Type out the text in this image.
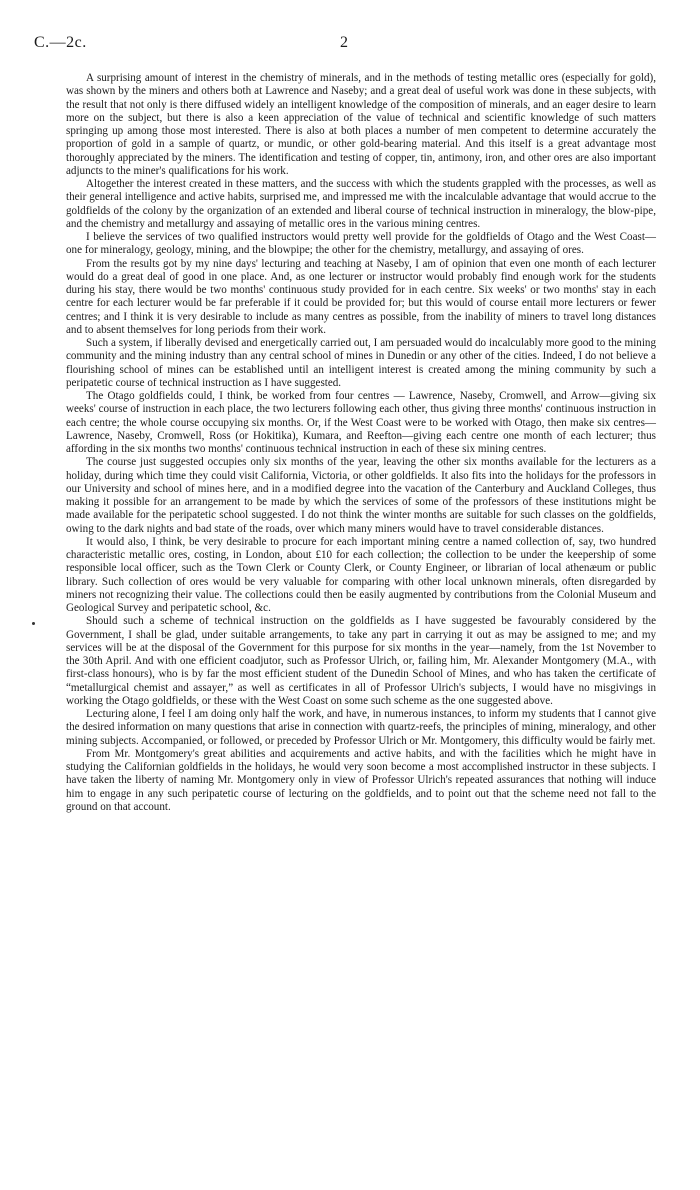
C.—2c.	2

A surprising amount of interest in the chemistry of minerals, and in the methods of testing metallic ores (especially for gold), was shown by the miners and others both at Lawrence and Naseby; and a great deal of useful work was done in these subjects, with the result that not only is there diffused widely an intelligent knowledge of the composition of minerals, and an eager desire to learn more on the subject, but there is also a keen appreciation of the value of technical and scientific knowledge of such matters springing up among those most interested. There is also at both places a number of men competent to determine accurately the proportion of gold in a sample of quartz, or mundic, or other gold-bearing material. And this itself is a great advantage most thoroughly appreciated by the miners. The identification and testing of copper, tin, antimony, iron, and other ores are also important adjuncts to the miner's qualifications for his work.

Altogether the interest created in these matters, and the success with which the students grappled with the processes, as well as their general intelligence and active habits, surprised me, and impressed me with the incalculable advantage that would accrue to the goldfields of the colony by the organization of an extended and liberal course of technical instruction in mineralogy, the blow-pipe, and the chemistry and metallurgy and assaying of metallic ores in the various mining centres.

I believe the services of two qualified instructors would pretty well provide for the goldfields of Otago and the West Coast—one for mineralogy, geology, mining, and the blowpipe; the other for the chemistry, metallurgy, and assaying of ores.

From the results got by my nine days' lecturing and teaching at Naseby, I am of opinion that even one month of each lecturer would do a great deal of good in one place. And, as one lecturer or instructor would probably find enough work for the students during his stay, there would be two months' continuous study provided for in each centre. Six weeks' or two months' stay in each centre for each lecturer would be far preferable if it could be provided for; but this would of course entail more lecturers or fewer centres; and I think it is very desirable to include as many centres as possible, from the inability of miners to travel long distances and to absent themselves for long periods from their work.

Such a system, if liberally devised and energetically carried out, I am persuaded would do incalculably more good to the mining community and the mining industry than any central school of mines in Dunedin or any other of the cities. Indeed, I do not believe a flourishing school of mines can be established until an intelligent interest is created among the mining community by such a peripatetic course of technical instruction as I have suggested.

The Otago goldfields could, I think, be worked from four centres — Lawrence, Naseby, Cromwell, and Arrow—giving six weeks' course of instruction in each place, the two lecturers following each other, thus giving three months' continuous instruction in each centre; the whole course occupying six months. Or, if the West Coast were to be worked with Otago, then make six centres—Lawrence, Naseby, Cromwell, Ross (or Hokitika), Kumara, and Reefton—giving each centre one month of each lecturer; thus affording in the six months two months' continuous technical instruction in each of these six mining centres.

The course just suggested occupies only six months of the year, leaving the other six months available for the lecturers as a holiday, during which time they could visit California, Victoria, or other goldfields. It also fits into the holidays for the professors in our University and school of mines here, and in a modified degree into the vacation of the Canterbury and Auckland Colleges, thus making it possible for an arrangement to be made by which the services of some of the professors of these institutions might be made available for the peripatetic school suggested. I do not think the winter months are suitable for such classes on the goldfields, owing to the dark nights and bad state of the roads, over which many miners would have to travel considerable distances.

It would also, I think, be very desirable to procure for each important mining centre a named collection of, say, two hundred characteristic metallic ores, costing, in London, about £10 for each collection; the collection to be under the keepership of some responsible local officer, such as the Town Clerk or County Clerk, or County Engineer, or librarian of local athenæum or public library. Such collection of ores would be very valuable for comparing with other local unknown minerals, often disregarded by miners not recognizing their value. The collections could then be easily augmented by contributions from the Colonial Museum and Geological Survey and peripatetic school, &c.

Should such a scheme of technical instruction on the goldfields as I have suggested be favourably considered by the Government, I shall be glad, under suitable arrangements, to take any part in carrying it out as may be assigned to me; and my services will be at the disposal of the Government for this purpose for six months in the year—namely, from the 1st November to the 30th April. And with one efficient coadjutor, such as Professor Ulrich, or, failing him, Mr. Alexander Montgomery (M.A., with first-class honours), who is by far the most efficient student of the Dunedin School of Mines, and who has taken the certificate of “metallurgical chemist and assayer,” as well as certificates in all of Professor Ulrich's subjects, I would have no misgivings in working the Otago goldfields, or these with the West Coast on some such scheme as the one suggested above.

Lecturing alone, I feel I am doing only half the work, and have, in numerous instances, to inform my students that I cannot give the desired information on many questions that arise in connection with quartz-reefs, the principles of mining, mineralogy, and other mining subjects. Accompanied, or followed, or preceded by Professor Ulrich or Mr. Montgomery, this difficulty would be fairly met.

From Mr. Montgomery's great abilities and acquirements and active habits, and with the facilities which he might have in studying the Californian goldfields in the holidays, he would very soon become a most accomplished instructor in these subjects. I have taken the liberty of naming Mr. Montgomery only in view of Professor Ulrich's repeated assurances that nothing will induce him to engage in any such peripatetic course of lecturing on the goldfields, and to point out that the scheme need not fall to the ground on that account.
